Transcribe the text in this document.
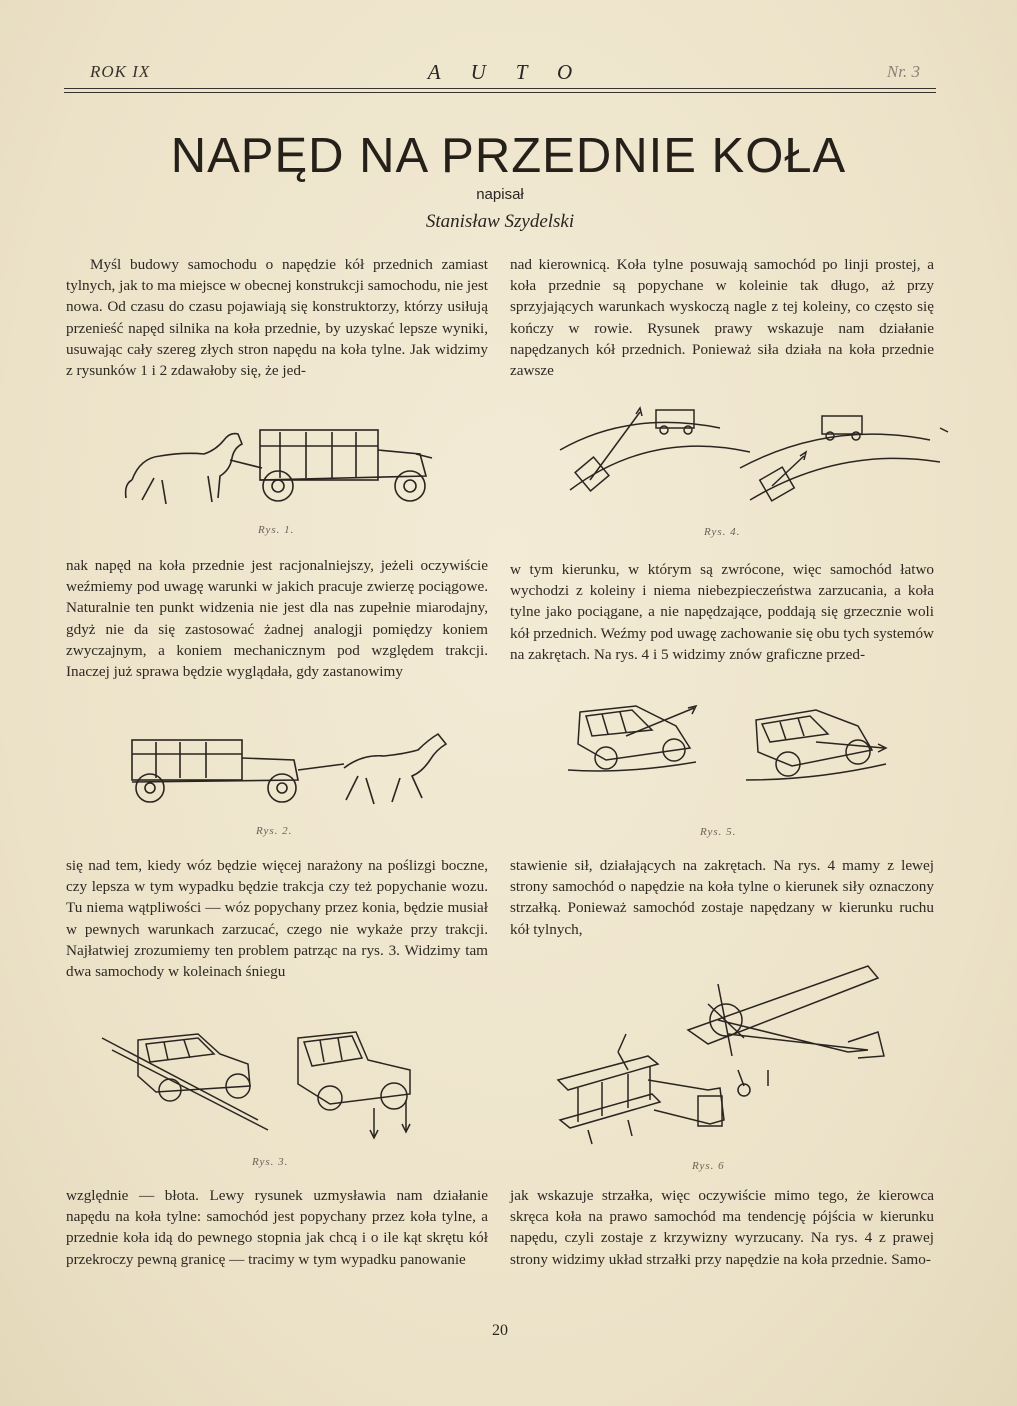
ROK IX	AUTO	Nr. 3
NAPĘD NA PRZEDNIE KOŁA
napisał
Stanisław Szydelski

Myśl budowy samochodu o napędzie kół przednich zamiast tylnych, jak to ma miejsce w obecnej konstrukcji samochodu, nie jest nowa. Od czasu do czasu pojawiają się konstruktorzy, którzy usiłują przenieść napęd silnika na koła przednie, by uzyskać lepsze wyniki, usuwając cały szereg złych stron napędu na koła tylne. Jak widzimy z rysunków 1 i 2 zdawałoby się, że jed-

nak napęd na koła przednie jest racjonalniejszy, jeżeli oczywiście weźmiemy pod uwagę warunki w jakich pracuje zwierzę pociągowe. Naturalnie ten punkt widzenia nie jest dla nas zupełnie miarodajny, gdyż nie da się zastosować żadnej analogji pomiędzy koniem zwyczajnym, a koniem mechanicznym pod względem trakcji. Inaczej już sprawa będzie wyglądała, gdy zastanowimy

się nad tem, kiedy wóz będzie więcej narażony na poślizgi boczne, czy lepsza w tym wypadku będzie trakcja czy też popychanie wozu. Tu niema wątpliwości — wóz popychany przez konia, będzie musiał w pewnych warunkach zarzucać, czego nie wykaże przy trakcji. Najłatwiej zrozumiemy ten problem patrząc na rys. 3. Widzimy tam dwa samochody w koleinach śniegu

względnie — błota. Lewy rysunek uzmysławia nam działanie napędu na koła tylne: samochód jest popychany przez koła tylne, a przednie koła idą do pewnego stopnia jak chcą i o ile kąt skrętu kół przekroczy pewną granicę — tracimy w tym wypadku panowanie

nad kierownicą. Koła tylne posuwają samochód po linji prostej, a koła przednie są popychane w koleinie tak długo, aż przy sprzyjających warunkach wyskoczą nagle z tej koleiny, co często się kończy w rowie. Rysunek prawy wskazuje nam działanie napędzanych kół przednich. Ponieważ siła działa na koła przednie zawsze

w tym kierunku, w którym są zwrócone, więc samochód łatwo wychodzi z koleiny i niema niebezpieczeństwa zarzucania, a koła tylne jako pociągane, a nie napędzające, poddają się grzecznie woli kół przednich. Weźmy pod uwagę zachowanie się obu tych systemów na zakrętach. Na rys. 4 i 5 widzimy znów graficzne przed-

stawienie sił, działających na zakrętach. Na rys. 4 mamy z lewej strony samochód o napędzie na koła tylne o kierunek siły oznaczony strzałką. Ponieważ samochód zostaje napędzany w kierunku ruchu kół tylnych,

jak wskazuje strzałka, więc oczywiście mimo tego, że kierowca skręca koła na prawo samochód ma tendencję pójścia w kierunku napędu, czyli zostaje z krzywizny wyrzucany. Na rys. 4 z prawej strony widzimy układ strzałki przy napędzie na koła przednie. Samo-

Rys. 1.
Rys. 2.
Rys. 3.
Rys. 4.
Rys. 5.
Rys. 6
20
